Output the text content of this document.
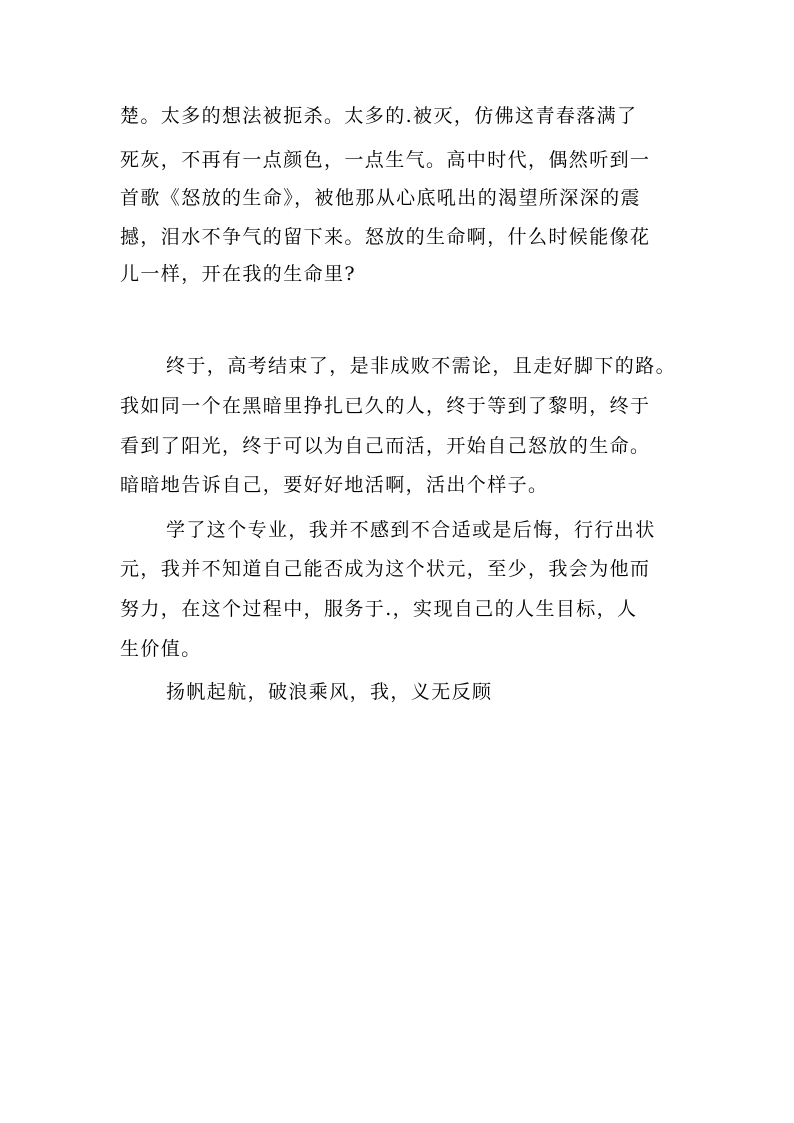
楚。太多的想法被扼杀。太多的.被灭，仿佛这青春落满了
死灰，不再有一点颜色，一点生气。高中时代，偶然听到一
首歌《怒放的生命》，被他那从心底吼出的渴望所深深的震
撼，泪水不争气的留下来。怒放的生命啊，什么时候能像花
儿一样，开在我的生命里?
终于，高考结束了，是非成败不需论，且走好脚下的路。
我如同一个在黑暗里挣扎已久的人，终于等到了黎明，终于
看到了阳光，终于可以为自己而活，开始自己怒放的生命。
暗暗地告诉自己，要好好地活啊，活出个样子。
学了这个专业，我并不感到不合适或是后悔，行行出状
元，我并不知道自己能否成为这个状元，至少，我会为他而
努力，在这个过程中，服务于.，实现自己的人生目标，人
生价值。
扬帆起航，破浪乘风，我，义无反顾
